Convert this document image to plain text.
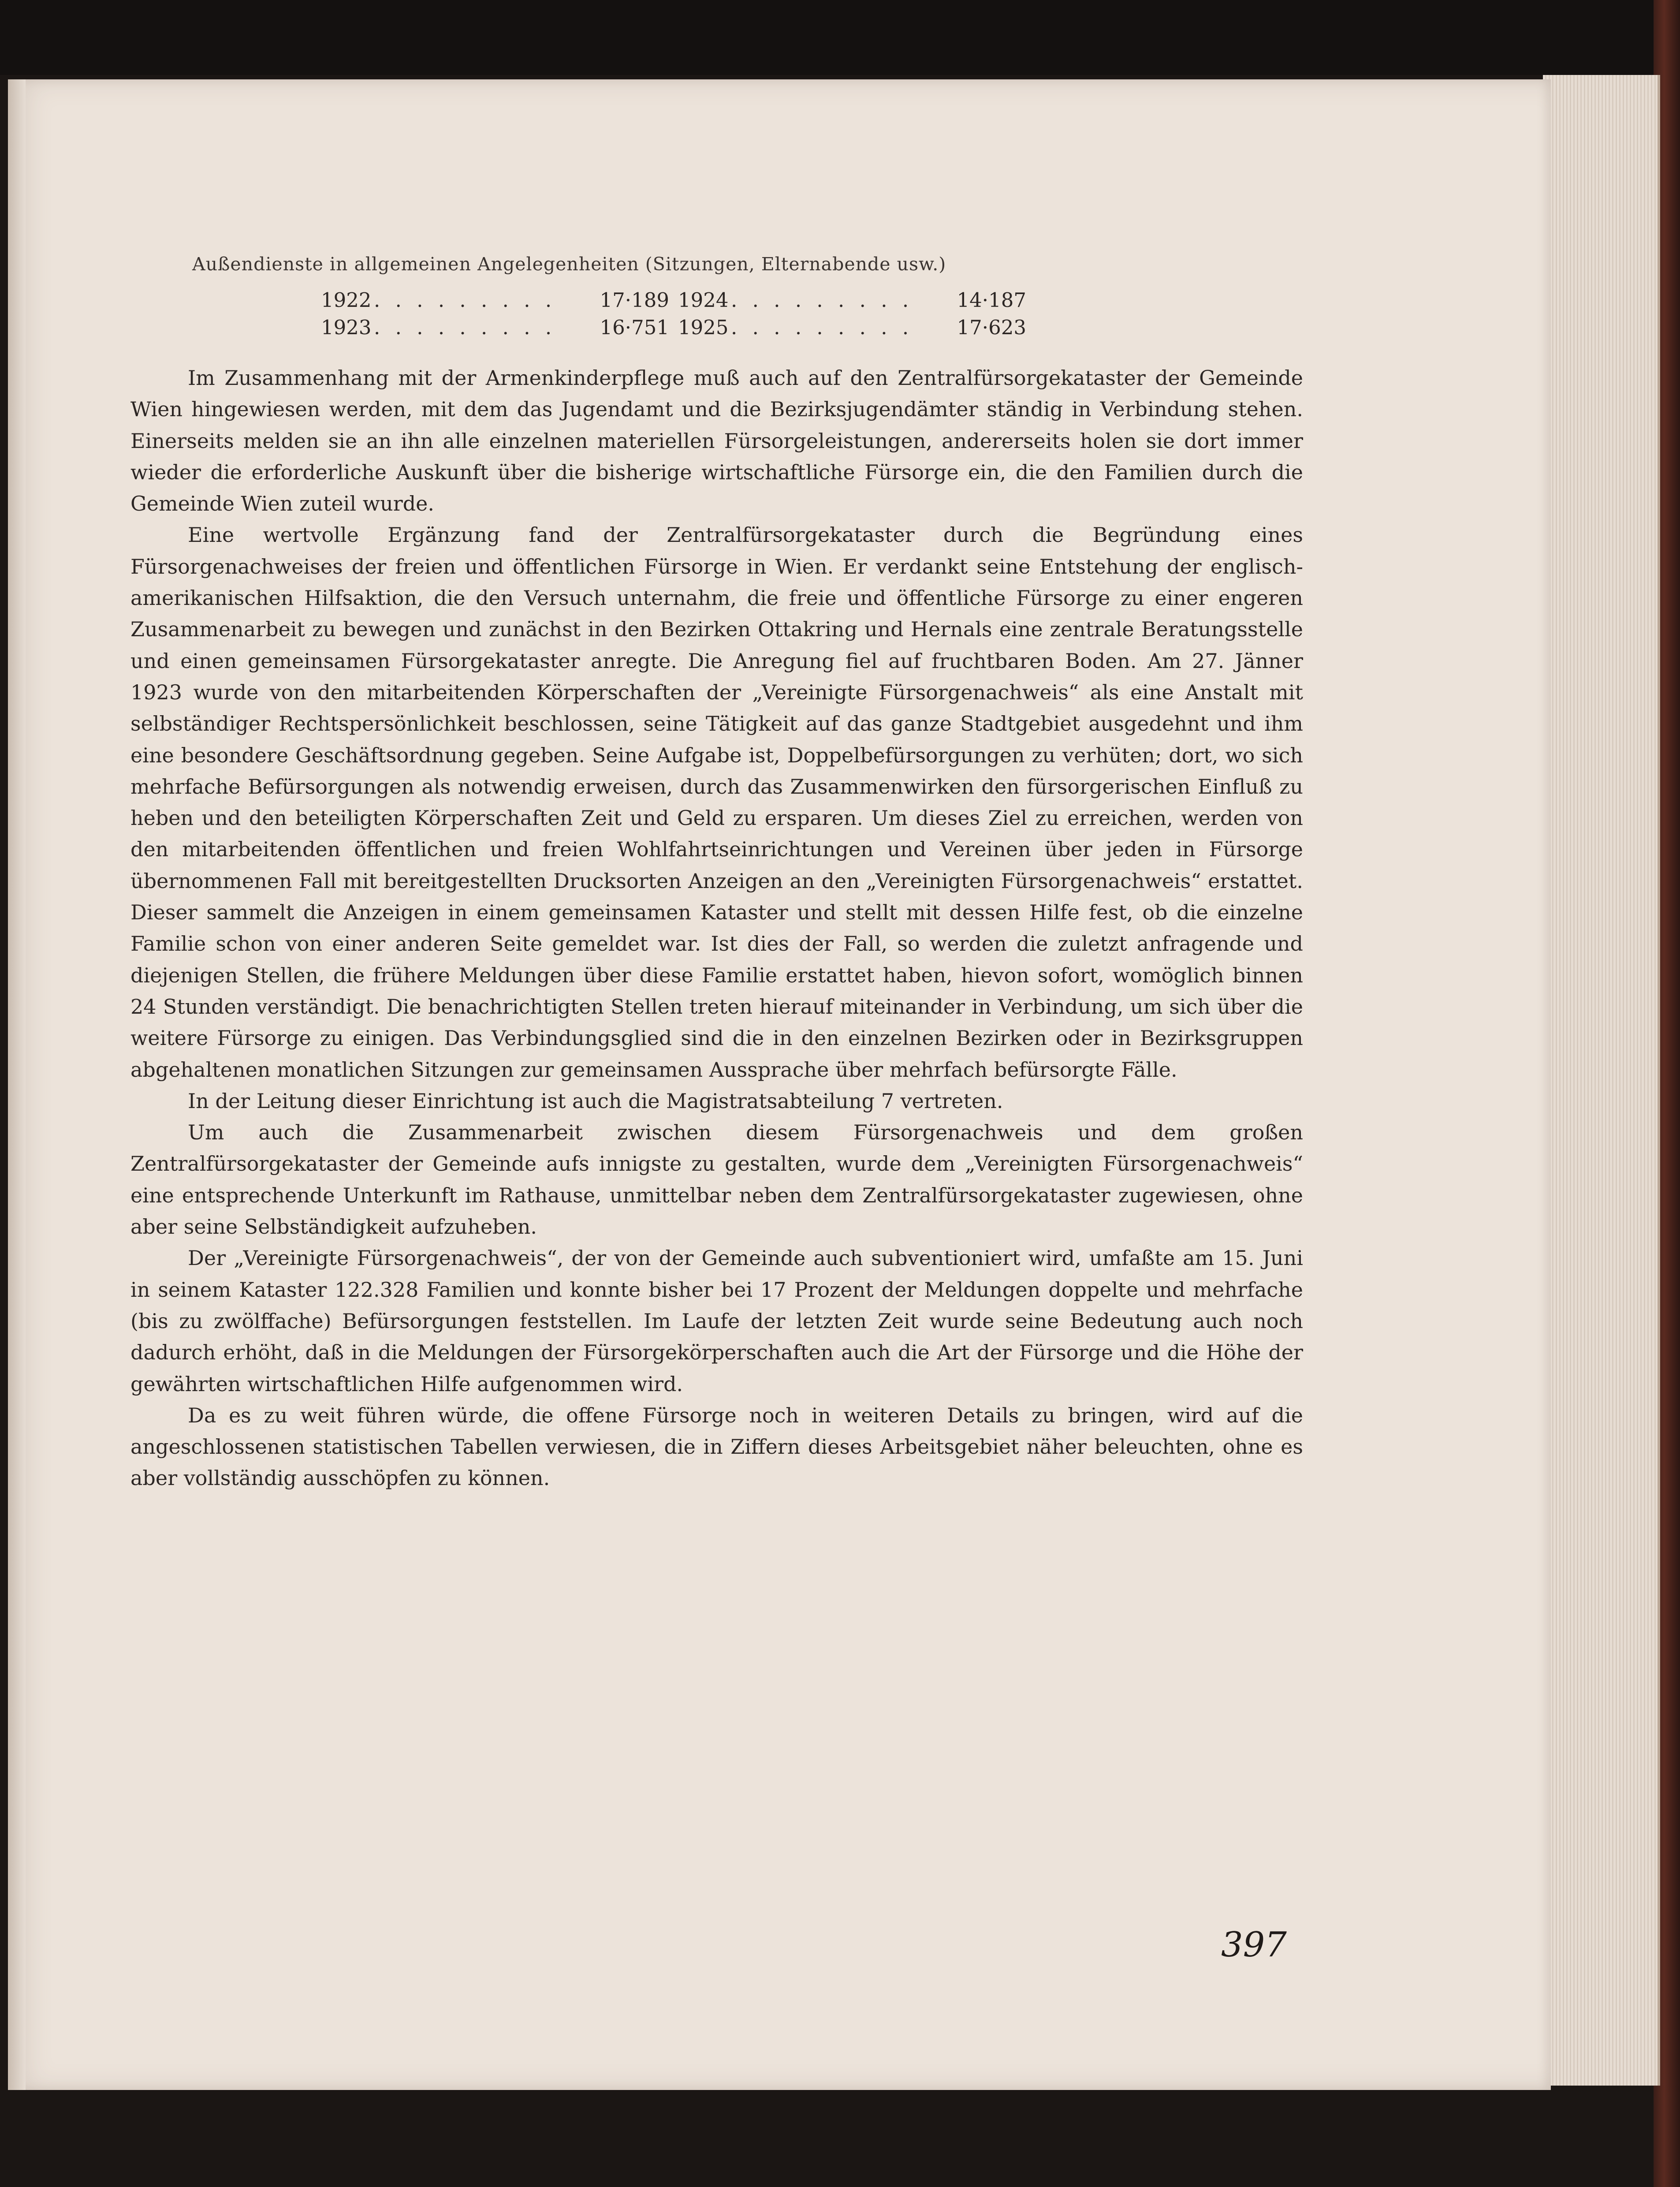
Außendienste in allgemeinen Angelegenheiten (Sitzungen, Elternabende usw.)
1922 . . . . . . . . .	17·189 1924 . . . . . . . . .	14·187
1923 . . . . . . . . .	16·751 1925 . . . . . . . . .	17·623

Im Zusammenhang mit der Armenkinderpflege muß auch auf den Zentralfürsorgekataster der Gemeinde Wien hingewiesen werden, mit dem das Jugendamt und die Bezirksjugendämter ständig in Verbindung stehen. Einerseits melden sie an ihn alle einzelnen materiellen Fürsorgeleistungen, andererseits holen sie dort immer wieder die erforderliche Auskunft über die bisherige wirtschaftliche Fürsorge ein, die den Familien durch die Gemeinde Wien zuteil wurde.

Eine wertvolle Ergänzung fand der Zentralfürsorgekataster durch die Begründung eines Fürsorgenachweises der freien und öffentlichen Fürsorge in Wien. Er verdankt seine Entstehung der englisch-amerikanischen Hilfsaktion, die den Versuch unternahm, die freie und öffentliche Fürsorge zu einer engeren Zusammenarbeit zu bewegen und zunächst in den Bezirken Ottakring und Hernals eine zentrale Beratungsstelle und einen gemeinsamen Fürsorgekataster anregte. Die Anregung fiel auf fruchtbaren Boden. Am 27. Jänner 1923 wurde von den mitarbeitenden Körperschaften der „Vereinigte Fürsorgenachweis“ als eine Anstalt mit selbständiger Rechtspersönlichkeit beschlossen, seine Tätigkeit auf das ganze Stadtgebiet ausgedehnt und ihm eine besondere Geschäftsordnung gegeben. Seine Aufgabe ist, Doppelbefürsorgungen zu verhüten; dort, wo sich mehrfache Befürsorgungen als notwendig erweisen, durch das Zusammenwirken den fürsorgerischen Einfluß zu heben und den beteiligten Körperschaften Zeit und Geld zu ersparen. Um dieses Ziel zu erreichen, werden von den mitarbeitenden öffentlichen und freien Wohlfahrtseinrichtungen und Vereinen über jeden in Fürsorge übernommenen Fall mit bereitgestellten Drucksorten Anzeigen an den „Vereinigten Fürsorgenachweis“ erstattet. Dieser sammelt die Anzeigen in einem gemeinsamen Kataster und stellt mit dessen Hilfe fest, ob die einzelne Familie schon von einer anderen Seite gemeldet war. Ist dies der Fall, so werden die zuletzt anfragende und diejenigen Stellen, die frühere Meldungen über diese Familie erstattet haben, hievon sofort, womöglich binnen 24 Stunden verständigt. Die benachrichtigten Stellen treten hierauf miteinander in Verbindung, um sich über die weitere Fürsorge zu einigen. Das Verbindungsglied sind die in den einzelnen Bezirken oder in Bezirksgruppen abgehaltenen monatlichen Sitzungen zur gemeinsamen Aussprache über mehrfach befürsorgte Fälle.

In der Leitung dieser Einrichtung ist auch die Magistratsabteilung 7 vertreten.

Um auch die Zusammenarbeit zwischen diesem Fürsorgenachweis und dem großen Zentralfürsorgekataster der Gemeinde aufs innigste zu gestalten, wurde dem „Vereinigten Fürsorgenachweis“ eine entsprechende Unterkunft im Rathause, unmittelbar neben dem Zentralfürsorgekataster zugewiesen, ohne aber seine Selbständigkeit aufzuheben.

Der „Vereinigte Fürsorgenachweis“, der von der Gemeinde auch subventioniert wird, umfaßte am 15. Juni in seinem Kataster 122.328 Familien und konnte bisher bei 17 Prozent der Meldungen doppelte und mehrfache (bis zu zwölffache) Befürsorgungen feststellen. Im Laufe der letzten Zeit wurde seine Bedeutung auch noch dadurch erhöht, daß in die Meldungen der Fürsorgekörperschaften auch die Art der Fürsorge und die Höhe der gewährten wirtschaftlichen Hilfe aufgenommen wird.

Da es zu weit führen würde, die offene Fürsorge noch in weiteren Details zu bringen, wird auf die angeschlossenen statistischen Tabellen verwiesen, die in Ziffern dieses Arbeitsgebiet näher beleuchten, ohne es aber vollständig ausschöpfen zu können.

397
